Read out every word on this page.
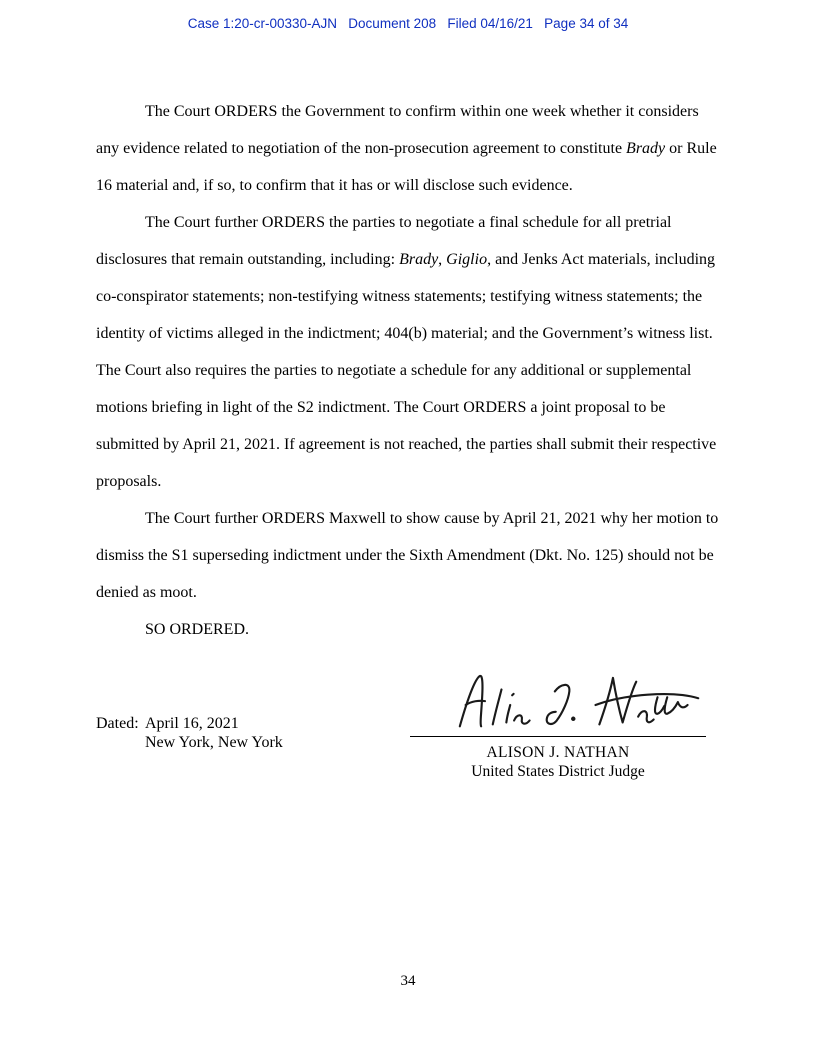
Case 1:20-cr-00330-AJN   Document 208   Filed 04/16/21   Page 34 of 34

The Court ORDERS the Government to confirm within one week whether it considers any evidence related to negotiation of the non-prosecution agreement to constitute Brady or Rule 16 material and, if so, to confirm that it has or will disclose such evidence.

The Court further ORDERS the parties to negotiate a final schedule for all pretrial disclosures that remain outstanding, including: Brady, Giglio, and Jenks Act materials, including co-conspirator statements; non-testifying witness statements; testifying witness statements; the identity of victims alleged in the indictment; 404(b) material; and the Government’s witness list. The Court also requires the parties to negotiate a schedule for any additional or supplemental motions briefing in light of the S2 indictment. The Court ORDERS a joint proposal to be submitted by April 21, 2021. If agreement is not reached, the parties shall submit their respective proposals.

The Court further ORDERS Maxwell to show cause by April 21, 2021 why her motion to dismiss the S1 superseding indictment under the Sixth Amendment (Dkt. No. 125) should not be denied as moot.

SO ORDERED.

Dated: April 16, 2021
New York, New York
ALISON J. NATHAN
United States District Judge
34
